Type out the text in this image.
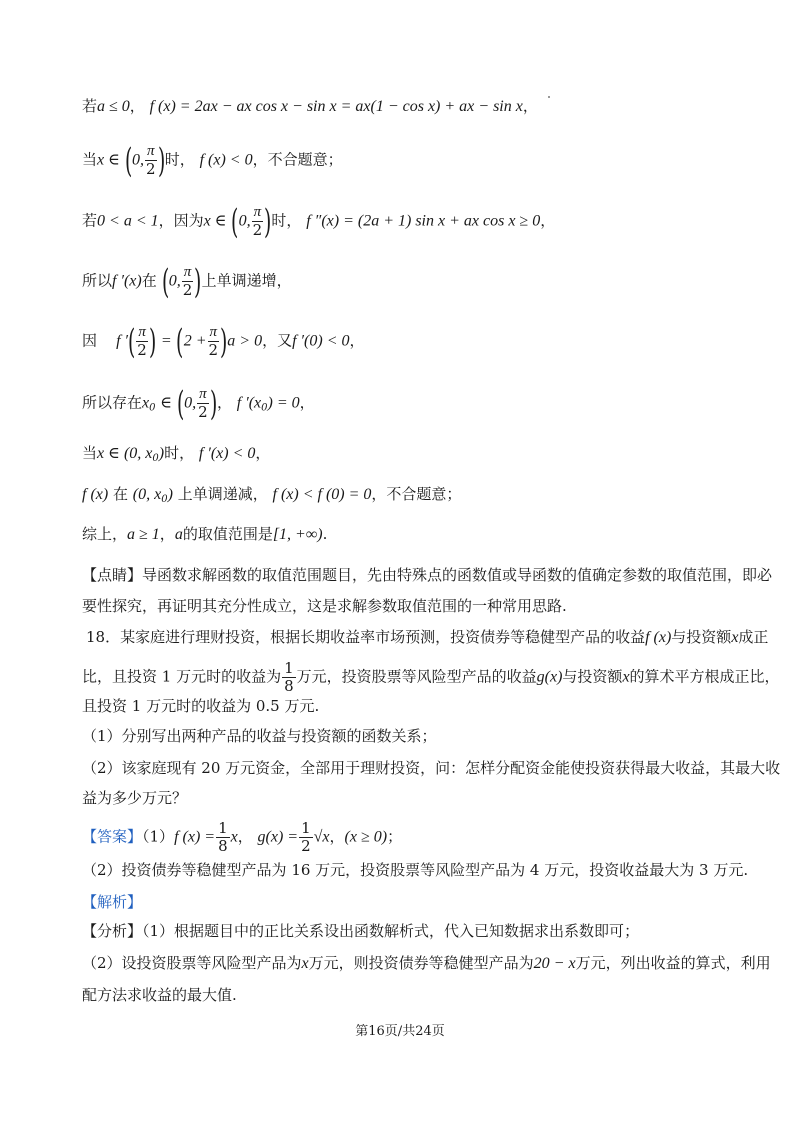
若a ≤ 0， f (x) = 2ax − ax cos x − sin x = ax(1 − cos x) + ax − sin x，
当x ∈ (0, $\frac{\pi}{2}$ )时， f (x) < 0，不合题意；
若0 < a < 1，因为x ∈ (0, $\frac{\pi}{2}$ )时， f ″(x) = (2a + 1) sin x + ax cos x ≥ 0，
所以f ′(x)在 (0, $\frac{\pi}{2}$ )上单调递增，
因 f ′( $\frac{\pi}{2}$ ) = $(2 + \frac{\pi}{2} )a > 0$，又f ′(0) < 0，
所以存在$x_0$ ∈ (0, $\frac{\pi}{2}$ )， f $'(x_0) = 0$，
当x ∈ (0, $x_0$)时， f ′(x) < 0，
f (x) 在 (0, $x_0$) 上单调递减， f (x) < f (0) = 0，不合题意；
综上，a ≥ 1，a的取值范围是[1, +∞).
【点睛】导函数求解函数的取值范围题目，先由特殊点的函数值或导函数的值确定参数的取值范围，即必
要性探究，再证明其充分性成立，这是求解参数取值范围的一种常用思路.
18．某家庭进行理财投资，根据长期收益率市场预测，投资债券等稳健型产品的收益f (x)与投资额x成正
比，且投资 1 万元时的收益为 $\frac{1}{8}$ 万元，投资股票等风险型产品的收益g(x)与投资额x的算术平方根成正比，
且投资 1 万元时的收益为 0.5 万元.
（1）分别写出两种产品的收益与投资额的函数关系；
（2）该家庭现有 20 万元资金，全部用于理财投资，问：怎样分配资金能使投资获得最大收益，其最大收
益为多少万元？
【答案】（1）f $(x) = \frac{1}{8}$ x， $g(x) = \frac{1}{2} √x$，(x ≥ 0)；
（2）投资债券等稳健型产品为 16 万元，投资股票等风险型产品为 4 万元，投资收益最大为 3 万元.
【解析】
【分析】（1）根据题目中的正比关系设出函数解析式，代入已知数据求出系数即可；
（2）设投资股票等风险型产品为x万元，则投资债券等稳健型产品为20 − x万元，列出收益的算式，利用
配方法求收益的最大值.
第16页/共24页
